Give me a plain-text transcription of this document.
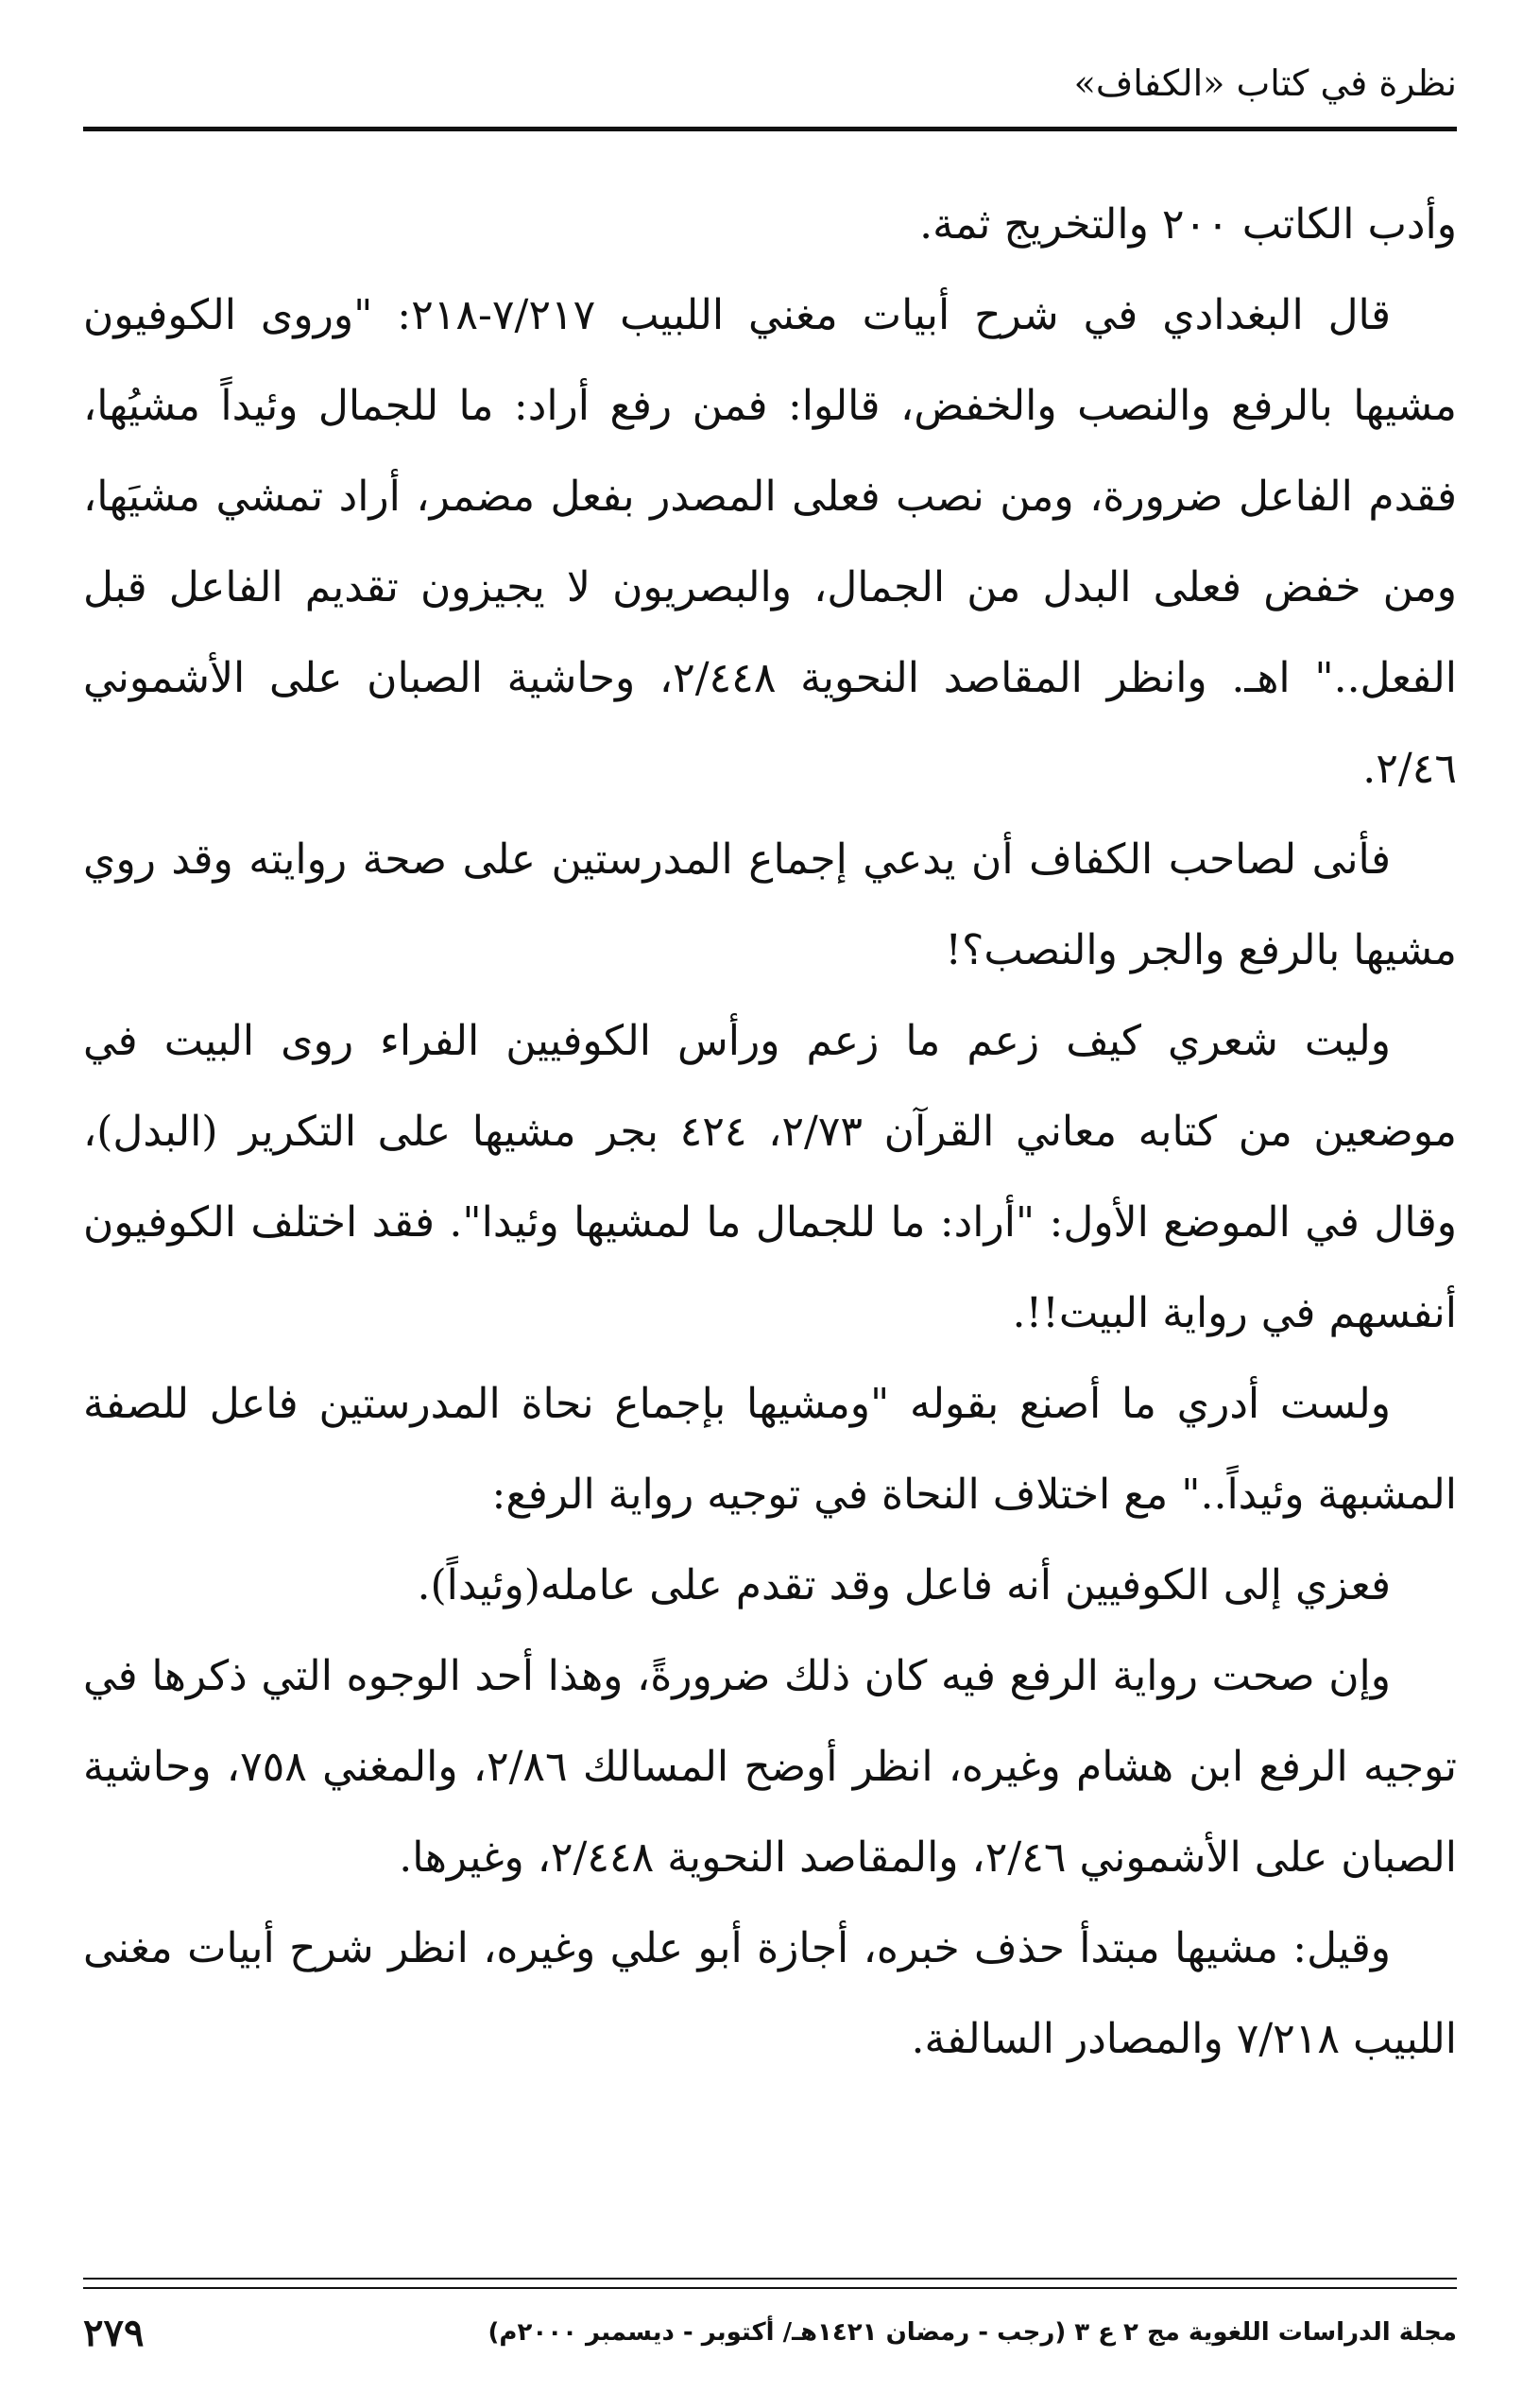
نظرة في كتاب «الكفاف»

وأدب الكاتب ٢٠٠ والتخريج ثمة.

قال البغدادي في شرح أبيات مغني اللبيب ٧/٢١٧-٢١٨: "وروى الكوفيون مشيها بالرفع والنصب والخفض، قالوا: فمن رفع أراد: ما للجمال وئيداً مشيُها، فقدم الفاعل ضرورة، ومن نصب فعلى المصدر بفعل مضمر، أراد تمشي مشيَها، ومن خفض فعلى البدل من الجمال، والبصريون لا يجيزون تقديم الفاعل قبل الفعل.." اهـ. وانظر المقاصد النحوية ٢/٤٤٨، وحاشية الصبان على الأشموني ٢/٤٦.

فأنى لصاحب الكفاف أن يدعي إجماع المدرستين على صحة روايته وقد روي مشيها بالرفع والجر والنصب؟!

وليت شعري كيف زعم ما زعم ورأس الكوفيين الفراء روى البيت في موضعين من كتابه معاني القرآن ٢/٧٣، ٤٢٤ بجر مشيها على التكرير (البدل)، وقال في الموضع الأول: "أراد: ما للجمال ما لمشيها وئيدا". فقد اختلف الكوفيون أنفسهم في رواية البيت!!.

ولست أدري ما أصنع بقوله "ومشيها بإجماع نحاة المدرستين فاعل للصفة المشبهة وئيداً.." مع اختلاف النحاة في توجيه رواية الرفع:

فعزي إلى الكوفيين أنه فاعل وقد تقدم على عامله(وئيداً).

وإن صحت رواية الرفع فيه كان ذلك ضرورةً، وهذا أحد الوجوه التي ذكرها في توجيه الرفع ابن هشام وغيره، انظر أوضح المسالك ٢/٨٦، والمغني ٧٥٨، وحاشية الصبان على الأشموني ٢/٤٦، والمقاصد النحوية ٢/٤٤٨، وغيرها.

وقيل: مشيها مبتدأ حذف خبره، أجازة أبو علي وغيره، انظر شرح أبيات مغنى اللبيب ٧/٢١٨ والمصادر السالفة.

مجلة الدراسات اللغوية مج ٢ ع ٣ (رجب - رمضان ١٤٢١هـ/ أكتوبر - ديسمبر ٢٠٠٠م)
٢٧٩
